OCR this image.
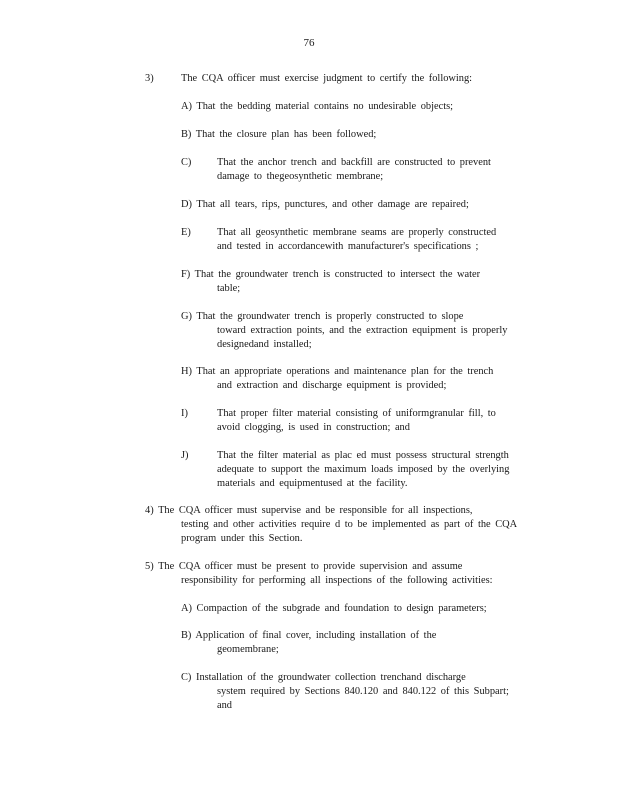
76
3)	The CQA officer must exercise judgment to certify the following:
A) That the bedding material contains no undesirable objects;
B) That the closure plan has been followed;
C) That the anchor trench and backfill are constructed to prevent
damage to thegeosynthetic membrane;
D) That all tears, rips, punctures, and other damage are repaired;
E)	That all geosynthetic membrane seams are properly constructed
and tested in accordancewith manufacturer's specifications ;
F) That the groundwater trench is constructed to intersect the water
table;
G) That the groundwater trench is properly constructed to slope
toward extraction points, and the extraction equipment is properly
designedand installed;
H) That an appropriate operations and maintenance plan for the trench
and extraction and discharge equipment is provided;
I)	That proper filter material consisting of uniformgranular fill, to
avoid clogging, is used in construction; and
J)	That the filter material as plac ed must possess structural strength
adequate to support the maximum loads imposed by the overlying
materials and equipmentused at the facility.
4) The CQA officer must supervise and be responsible for all inspections,
testing and other activities require d to be implemented as part of the CQA
program under this Section.
5) The CQA officer must be present to provide supervision and assume
responsibility for performing all inspections of the following activities:
A) Compaction of the subgrade and foundation to design parameters;
B) Application of final cover, including installation of the
geomembrane;
C) Installation of the groundwater collection trenchand discharge
system required by Sections 840.120 and 840.122 of this Subpart;
and
